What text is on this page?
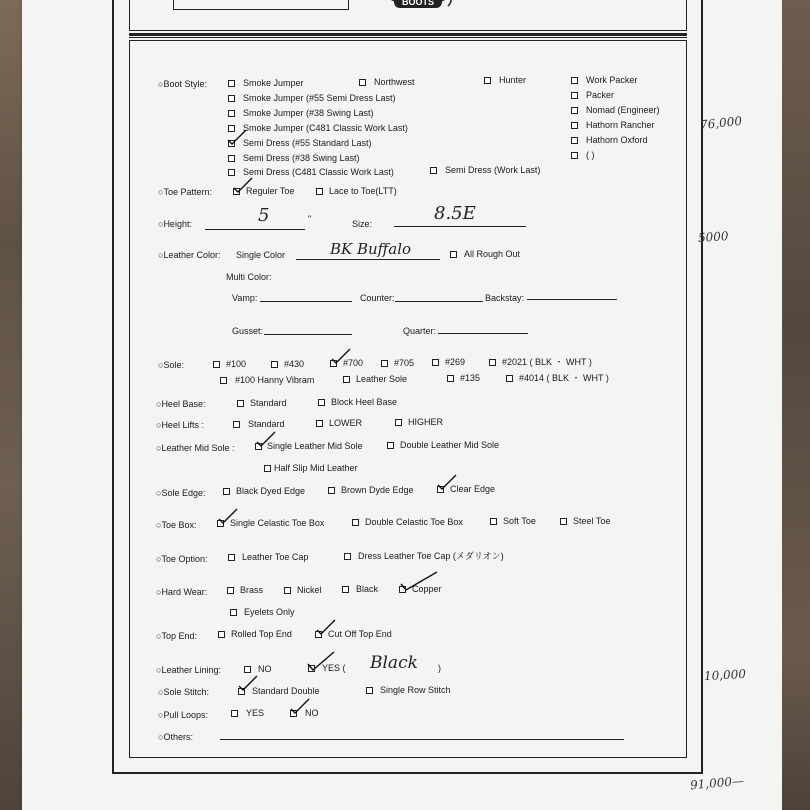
BOOTS
○Boot Style:	Smoke Jumper	Northwest	Hunter	Work Packer
Smoke Jumper (#55 Semi Dress Last)	Packer
Smoke Jumper (#38 Swing Last)	Nomad (Engineer)
Smoke Jumper (C481 Classic Work Last)	Hathorn Rancher
Semi Dress (#55 Standard Last)	Hathorn Oxford
Semi Dress (#38 Swing Last)	( )
Semi Dress (C481 Classic Work Last)	Semi Dress (Work Last)
○Toe Pattern:	Reguler Toe	Lace to Toe(LTT)
○Height:	5	"	Size:	8.5E
○Leather Color: Single Color	BK Buffalo	All Rough Out
Multi Color:
Vamp:	Counter:	Backstay:
Gusset:	Quarter:
○Sole:	#100	#430	#700	#705	#269	#2021 ( BLK ・ WHT )
#100 Hanny Vibram	Leather Sole	#135	#4014 ( BLK ・ WHT )
○Heel Base:	Standard	Block Heel Base
○Heel Lifts :	Standard	LOWER	HIGHER
○Leather Mid Sole :	Single Leather Mid Sole	Double Leather Mid Sole
Half Slip Mid Leather
○Sole Edge:	Black Dyed Edge	Brown Dyde Edge	Clear Edge
○Toe Box:	Single Celastic Toe Box	Double Celastic Toe Box	Soft Toe	Steel Toe
○Toe Option:	Leather Toe Cap	Dress Leather Toe Cap (メダリオン)
○Hard Wear:	Brass	Nickel	Black	Copper
Eyelets Only
○Top End:	Rolled Top End	Cut Off Top End
○Leather Lining:	NO	YES ( Black )
○Sole Stitch:	Standard Double	Single Row Stitch
○Pull Loops:	YES	NO
○Others:
76,000
5000
10,000
91,000—
